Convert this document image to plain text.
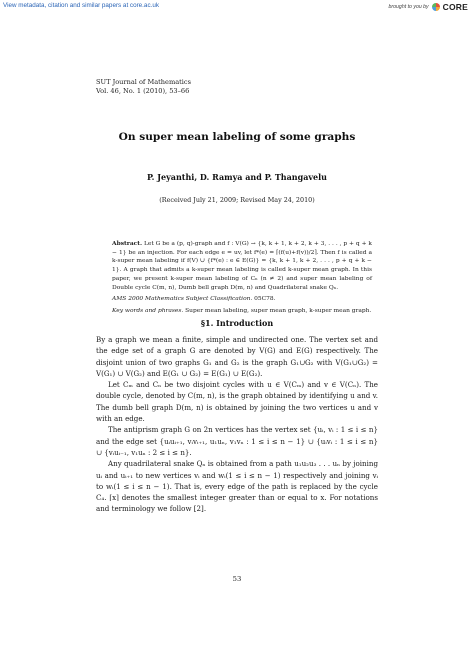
View metadata, citation and similar papers at core.ac.uk	brought to you by CORE
SUT Journal of Mathematics
Vol. 46, No. 1 (2010), 53–66
On super mean labeling of some graphs
P. Jeyanthi, D. Ramya and P. Thangavelu
(Received July 21, 2009; Revised May 24, 2010)

Abstract. Let G be a (p, q)-graph and f : V(G) → {k, k + 1, k + 2, k + 3, . . . , p + q + k − 1} be an injection. For each edge e = uv, let f*(e) = ⌈(f(u)+f(v))/2⌉. Then f is called a k-super mean labeling if f(V) ∪ {f*(e) : e ∈ E(G)} = {k, k + 1, k + 2, . . . , p + q + k − 1}. A graph that admits a k-super mean labeling is called k-super mean graph. In this paper, we present k-super mean labeling of Cₙ (n ≠ 2) and super mean labeling of Double cycle C(m, n), Dumb bell graph D(m, n) and Quadrilateral snake Qₙ.

AMS 2000 Mathematics Subject Classification. 05C78.

Key words and phrases. Super mean labeling, super mean graph, k-super mean graph.

§1. Introduction

By a graph we mean a finite, simple and undirected one. The vertex set and the edge set of a graph G are denoted by V(G) and E(G) respectively. The disjoint union of two graphs G₁ and G₂ is the graph G₁∪G₂ with V(G₁∪G₂) = V(G₁) ∪ V(G₂) and E(G₁ ∪ G₂) = E(G₁) ∪ E(G₂).

Let Cₘ and Cₙ be two disjoint cycles with u ∈ V(Cₘ) and v ∈ V(Cₙ). The double cycle, denoted by C(m, n), is the graph obtained by identifying u and v. The dumb bell graph D(m, n) is obtained by joining the two vertices u and v with an edge.

The antiprism graph G on 2n vertices has the vertex set {uᵢ, vᵢ : 1 ≤ i ≤ n} and the edge set {uᵢuᵢ₊₁, vᵢvᵢ₊₁, u₁uₙ, v₁vₙ : 1 ≤ i ≤ n − 1} ∪ {uᵢvᵢ : 1 ≤ i ≤ n} ∪ {vᵢuᵢ₋₁, v₁uₙ : 2 ≤ i ≤ n}.

Any quadrilateral snake Qₙ is obtained from a path u₁u₂u₃ . . . uₙ by joining uᵢ and uᵢ₊₁ to new vertices vᵢ and wᵢ(1 ≤ i ≤ n − 1) respectively and joining vᵢ to wᵢ(1 ≤ i ≤ n − 1). That is, every edge of the path is replaced by the cycle C₄. ⌈x⌉ denotes the smallest integer greater than or equal to x. For notations and terminology we follow [2].

53
